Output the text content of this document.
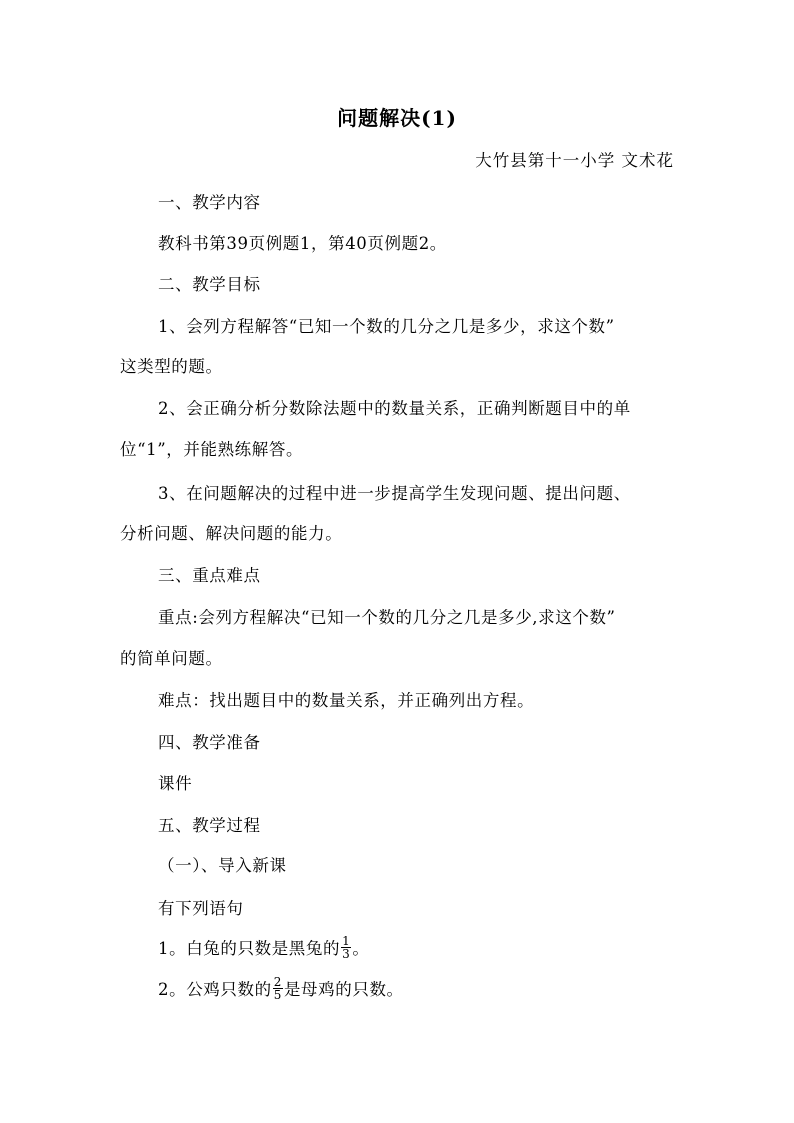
问题解决(1)
大竹县第十一小学 文术花
一、教学内容
教科书第39页例题1，第40页例题2。
二、教学目标
1、会列方程解答“已知一个数的几分之几是多少，求这个数”
这类型的题。
2、会正确分析分数除法题中的数量关系，正确判断题目中的单
位“1”，并能熟练解答。
3、在问题解决的过程中进一步提高学生发现问题、提出问题、
分析问题、解决问题的能力。
三、重点难点
重点:会列方程解决“已知一个数的几分之几是多少,求这个数”
的简单问题。
难点：找出题目中的数量关系，并正确列出方程。
四、教学准备
课件
五、教学过程
（一）、导入新课
有下列语句
1。白兔的只数是黑兔的 $\frac{1}{3}$ 。
2。公鸡只数的 $\frac{2}{5}$ 是母鸡的只数。
